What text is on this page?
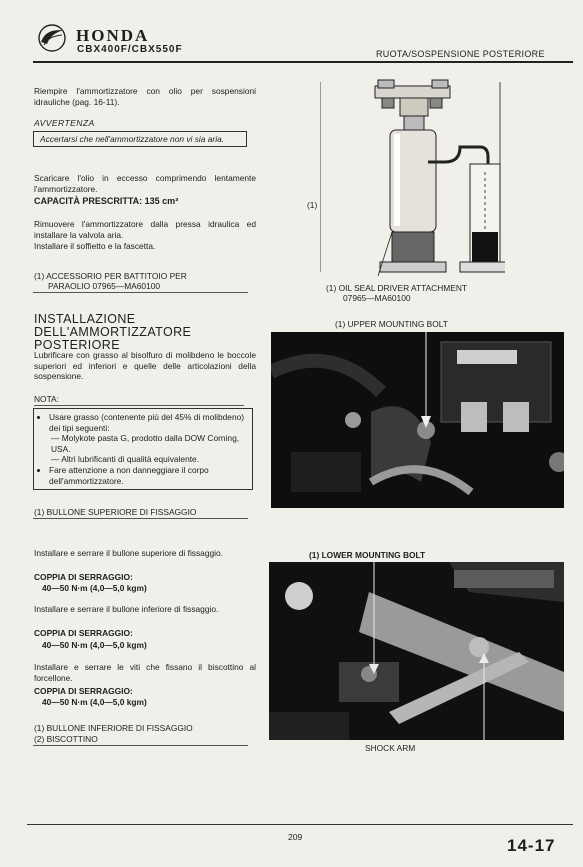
HONDA
CBX400F/CBX550F	RUOTA/SOSPENSIONE POSTERIORE
Riempire l'ammortizzatore con olio per sospensioni idrauliche (pag. 16-11).
AVVERTENZA
Accertarsi che nell'ammortizzatore non vi sia aria.
Scaricare l'olio in eccesso comprimendo lentamente l'ammortizzatore.
CAPACITÀ PRESCRITTA: 135 cm³
Rimuovere l'ammortizzatore dalla pressa idraulica ed installare la valvola aria.
Installare il soffietto e la fascetta.
(1) ACCESSORIO PER BATTITOIO PER
PARAOLIO 07965—MA60100
INSTALLAZIONE DELL'AMMORTIZZATORE POSTERIORE
Lubrificare con grasso al bisolfuro di molibdeno le boccole superiori ed inferiori e quelle delle articolazioni della sospensione.
NOTA:
• Usare grasso (contenente più del 45% di molibdeno) dei tipi seguenti:
— Molykote pasta G, prodotto dalla DOW Corning, USA.
— Altri lubrificanti di qualità equivalente.
• Fare attenzione a non danneggiare il corpo dell'ammortizzatore.
(1) BULLONE SUPERIORE DI FISSAGGIO
Installare e serrare il bullone superiore di fissaggio.
COPPIA DI SERRAGGIO:
40—50 N·m (4,0—5,0 kgm)
Installare e serrare il bullone inferiore di fissaggio.
COPPIA DI SERRAGGIO:
40—50 N·m (4,0—5,0 kgm)
Installare e serrare le viti che fissano il biscottino al forcellone.
COPPIA DI SERRAGGIO:
40—50 N·m (4,0—5,0 kgm)
(1) BULLONE INFERIORE DI FISSAGGIO
(2) BISCOTTINO
(1)
(1) OIL SEAL DRIVER ATTACHMENT
07965—MA60100
(1) UPPER MOUNTING BOLT
(1) LOWER MOUNTING BOLT
SHOCK ARM
209	14-17
